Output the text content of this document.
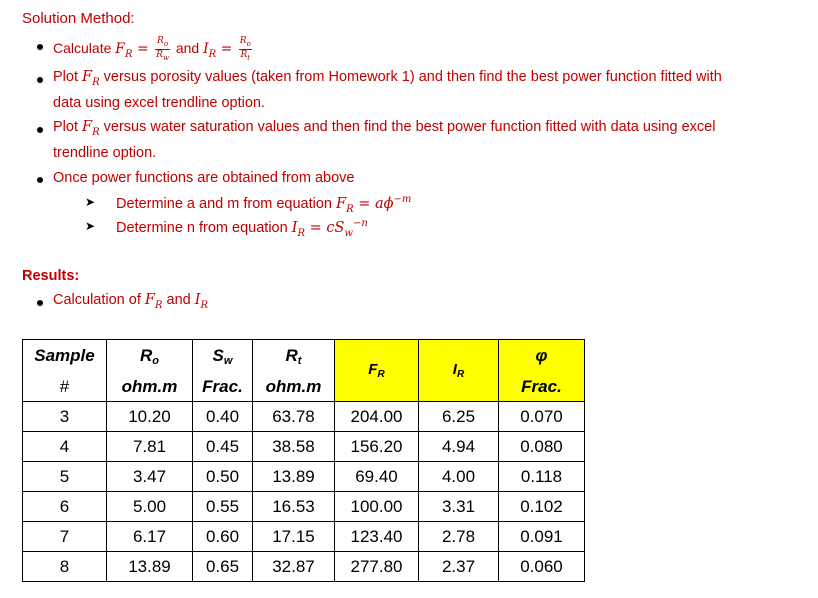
Solution Method:
Calculate $F_R = \frac{R_o}{R_w}$ and $I_R = \frac{R_o}{R_t}$
Plot $F_R$ versus porosity values (taken from Homework 1) and then find the best power function fitted with
data using excel trendline option.
Plot $F_R$ versus water saturation values and then find the best power function fitted with data using excel
trendline option.
Once power functions are obtained from above
➤ Determine a and m from equation $F_R = a\phi^{-m}$
➤ Determine n from equation $I_R = cS_w^{-n}$
Results:
Calculation of $F_R$ and $I_R$
Sample	Ro	Sw	Rt	$F_R$	$I_R$	φ
#	ohm.m	Frac.	ohm.m			Frac.
3	10.20	0.40	63.78	204.00	6.25	0.070
4	7.81	0.45	38.58	156.20	4.94	0.080
5	3.47	0.50	13.89	69.40	4.00	0.118
6	5.00	0.55	16.53	100.00	3.31	0.102
7	6.17	0.60	17.15	123.40	2.78	0.091
8	13.89	0.65	32.87	277.80	2.37	0.060
